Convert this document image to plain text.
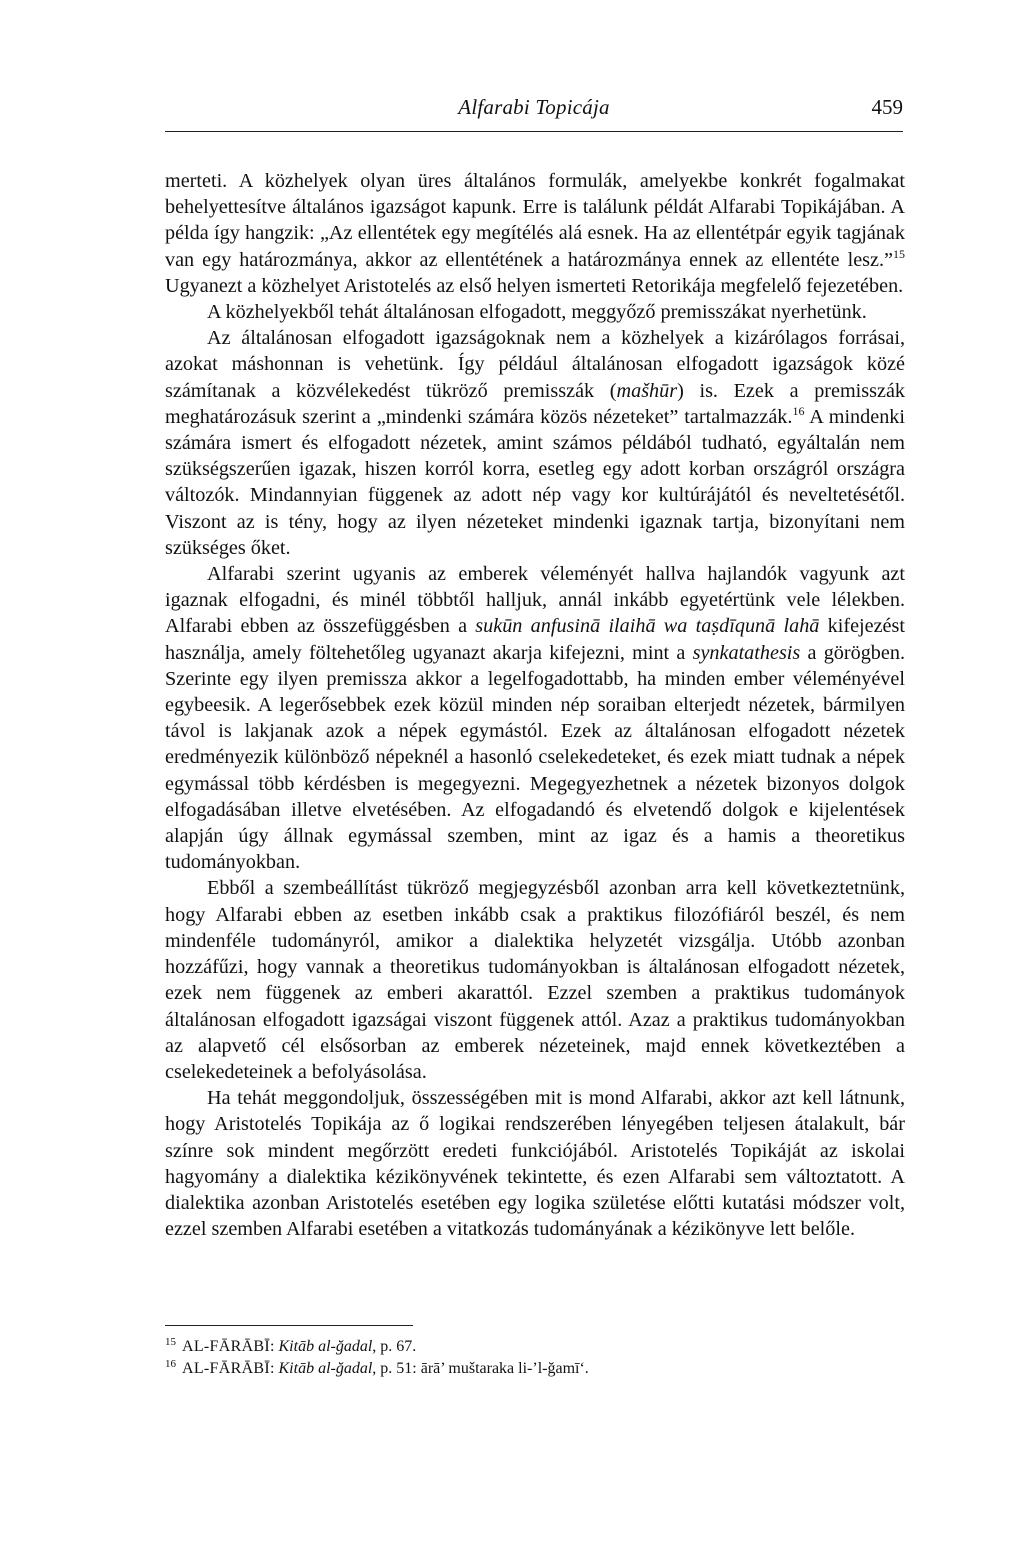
Alfarabi Topicája	459

merteti. A közhelyek olyan üres általános formulák, amelyekbe konkrét fogalmakat behelyettesítve általános igazságot kapunk. Erre is találunk példát Alfarabi Topikájában. A példa így hangzik: „Az ellentétek egy megítélés alá esnek. Ha az ellentétpár egyik tagjának van egy határozmánya, akkor az ellentétének a határozmánya ennek az ellentéte lesz.”$^{15}$ Ugyanezt a közhelyet Aristotelés az első helyen ismerteti Retorikája megfelelő fejezetében.

A közhelyekből tehát általánosan elfogadott, meggyőző premisszákat nyerhetünk.

Az általánosan elfogadott igazságoknak nem a közhelyek a kizárólagos forrásai, azokat máshonnan is vehetünk. Így például általánosan elfogadott igazságok közé számítanak a közvélekedést tükröző premisszák (mašhūr) is. Ezek a premisszák meghatározásuk szerint a „mindenki számára közös nézeteket” tartalmazzák.$^{16}$ A mindenki számára ismert és elfogadott nézetek, amint számos példából tudható, egyáltalán nem szükségszerűen igazak, hiszen korról korra, esetleg egy adott korban országról országra változók. Mindannyian függenek az adott nép vagy kor kultúrájától és neveltetésétől. Viszont az is tény, hogy az ilyen nézeteket mindenki igaznak tartja, bizonyítani nem szükséges őket.

Alfarabi szerint ugyanis az emberek véleményét hallva hajlandók vagyunk azt igaznak elfogadni, és minél többtől halljuk, annál inkább egyetértünk vele lélekben. Alfarabi ebben az összefüggésben a sukūn anfusinā ilaihā wa taṣdīqunā lahā kifejezést használja, amely föltehetőleg ugyanazt akarja kifejezni, mint a synkatathesis a görögben. Szerinte egy ilyen premissza akkor a legelfogadottabb, ha minden ember véleményével egybeesik. A legerősebbek ezek közül minden nép soraiban elterjedt nézetek, bármilyen távol is lakjanak azok a népek egymástól. Ezek az általánosan elfogadott nézetek eredményezik különböző népeknél a hasonló cselekedeteket, és ezek miatt tudnak a népek egymással több kérdésben is megegyezni. Megegyezhetnek a nézetek bizonyos dolgok elfogadásában illetve elvetésében. Az elfogadandó és elvetendő dolgok e kijelentések alapján úgy állnak egymással szemben, mint az igaz és a hamis a theoretikus tudományokban.

Ebből a szembeállítást tükröző megjegyzésből azonban arra kell következtetnünk, hogy Alfarabi ebben az esetben inkább csak a praktikus filozófiáról beszél, és nem mindenféle tudományról, amikor a dialektika helyzetét vizsgálja. Utóbb azonban hozzáfűzi, hogy vannak a theoretikus tudományokban is általánosan elfogadott nézetek, ezek nem függenek az emberi akarattól. Ezzel szemben a praktikus tudományok általánosan elfogadott igazságai viszont függenek attól. Azaz a praktikus tudományokban az alapvető cél elsősorban az emberek nézeteinek, majd ennek következtében a cselekedeteinek a befolyásolása.

Ha tehát meggondoljuk, összességében mit is mond Alfarabi, akkor azt kell látnunk, hogy Aristotelés Topikája az ő logikai rendszerében lényegében teljesen átalakult, bár színre sok mindent megőrzött eredeti funkciójából. Aristotelés Topikáját az iskolai hagyomány a dialektika kézikönyvének tekintette, és ezen Alfarabi sem változtatott. A dialektika azonban Aristotelés esetében egy logika születése előtti kutatási módszer volt, ezzel szemben Alfarabi esetében a vitatkozás tudományának a kézikönyve lett belőle.

$^{15}$ AL-FĀRĀBĪ: Kitāb al-ğadal, p. 67.

$^{16}$ AL-FĀRĀBĪ: Kitāb al-ğadal, p. 51: ārā’ muštaraka li-’l-ğamī‘.
